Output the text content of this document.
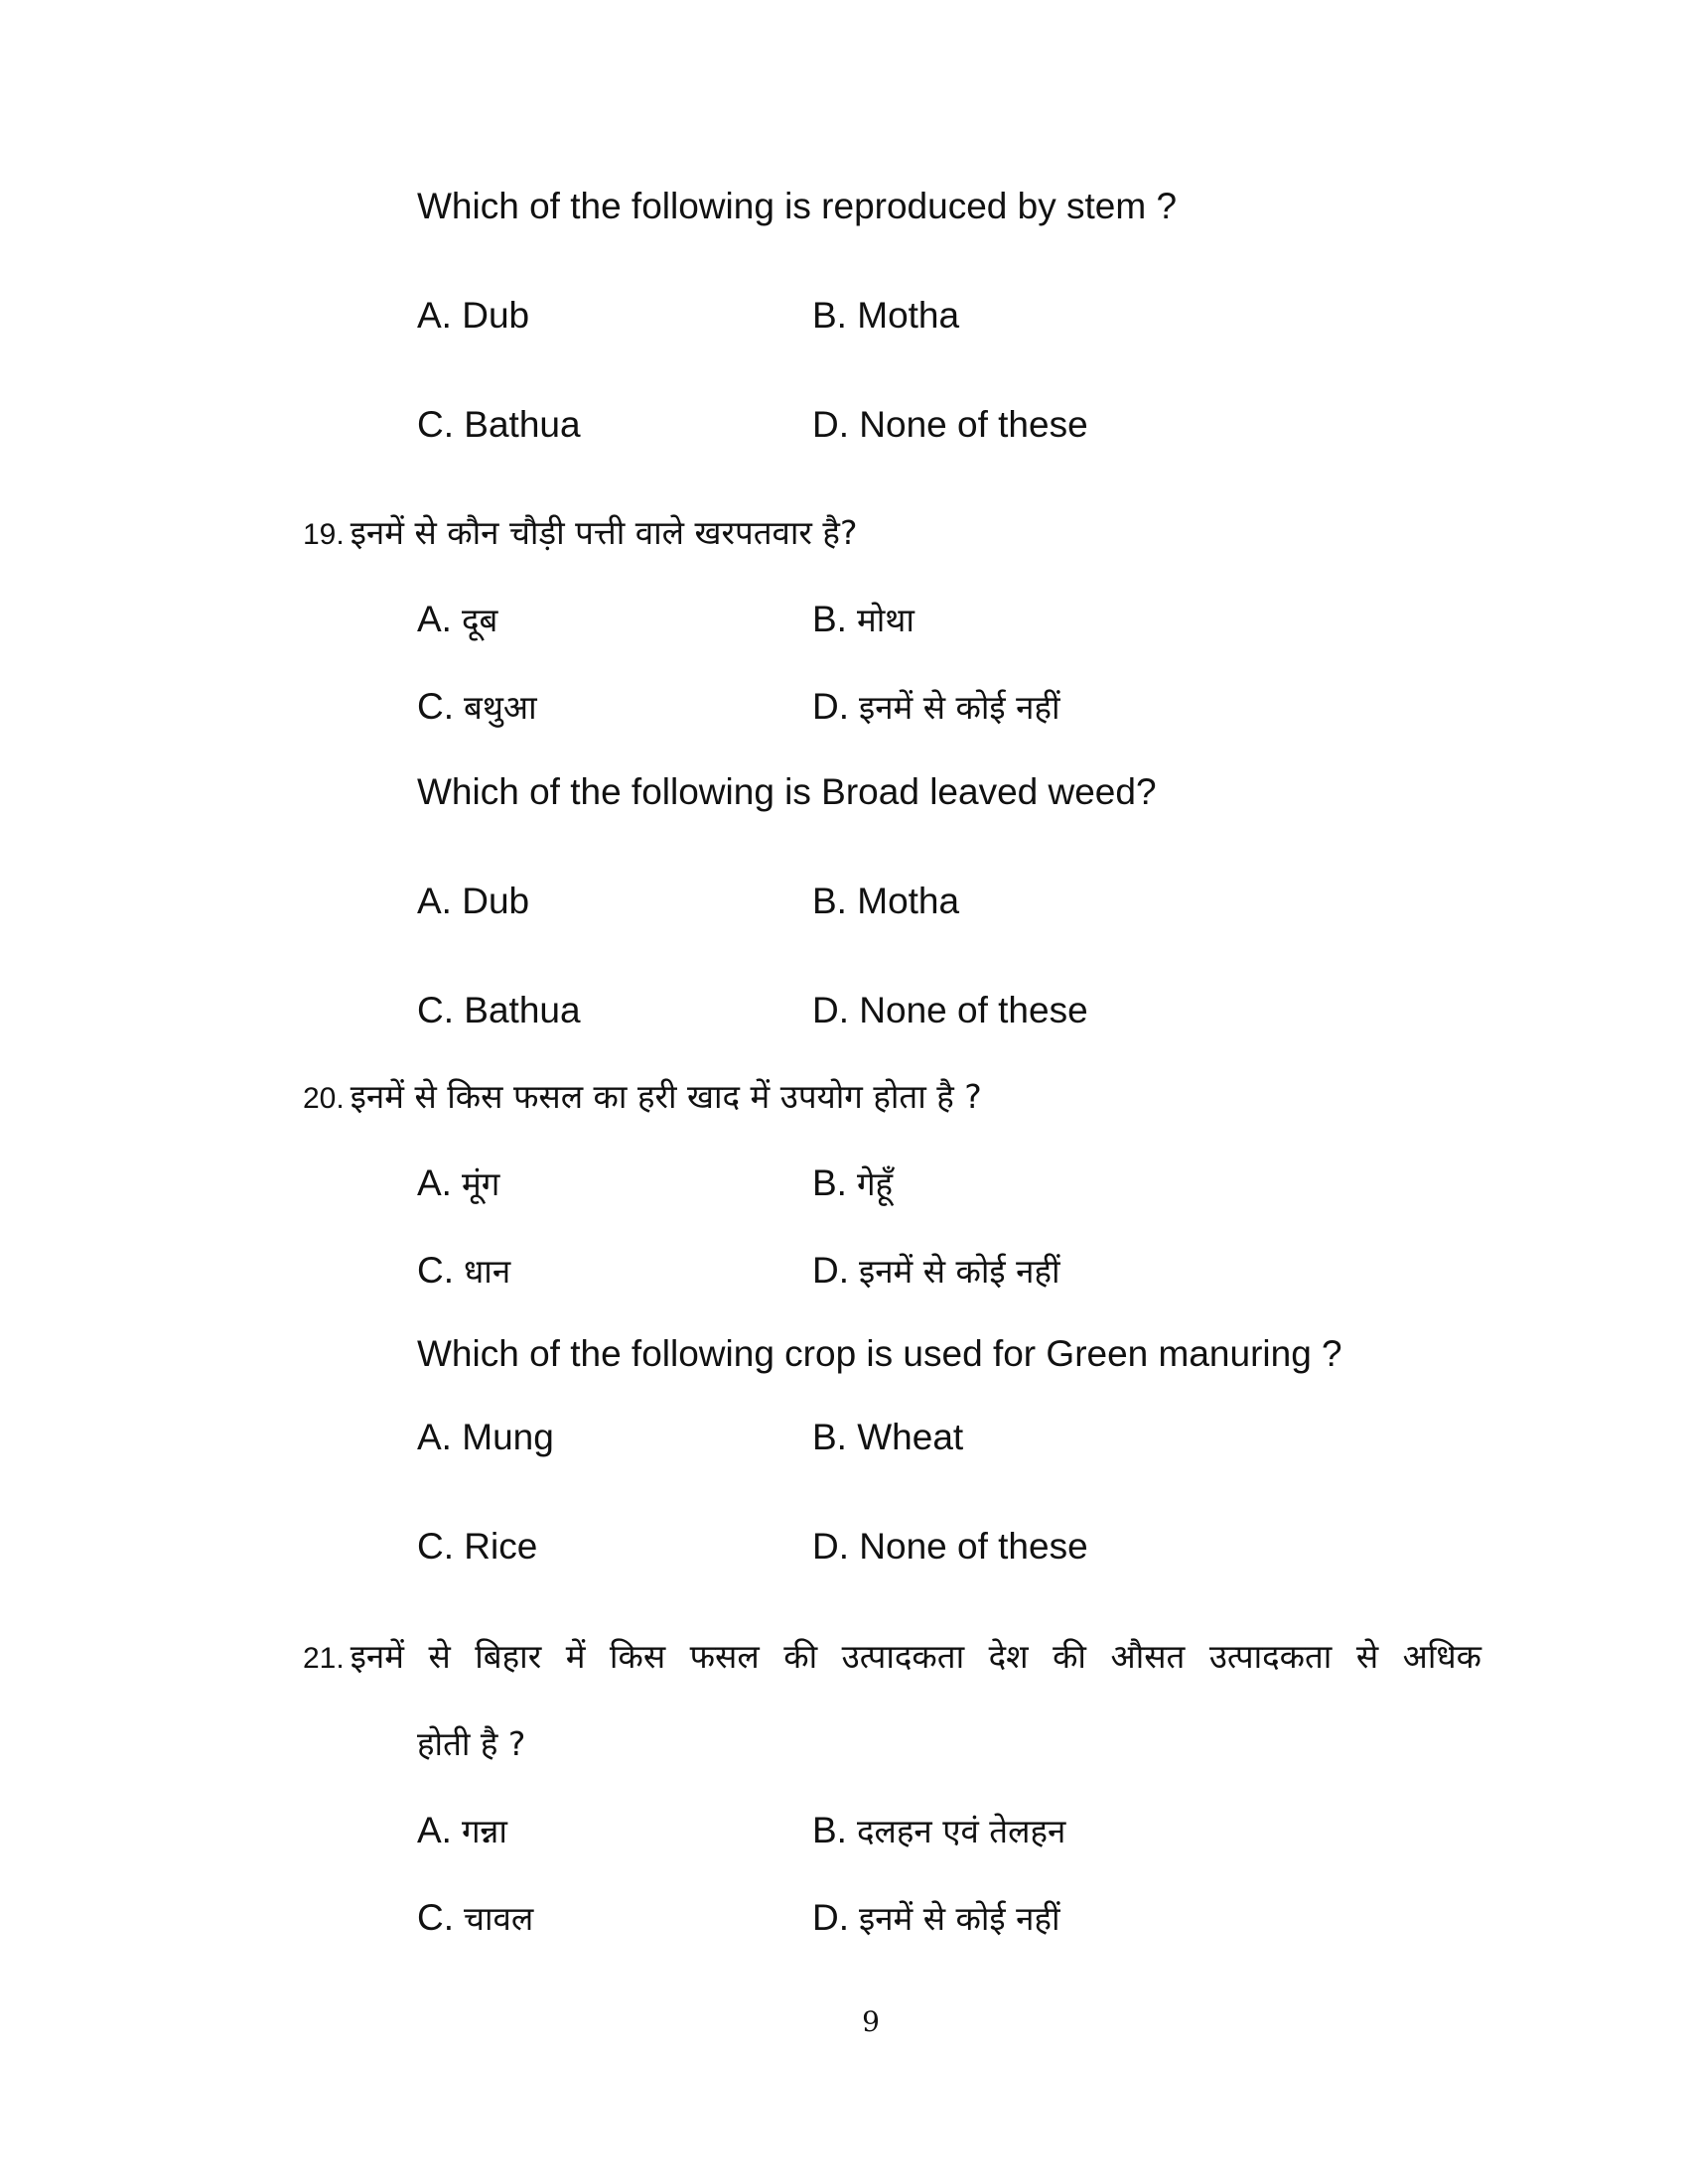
Which of the following is reproduced by stem ?
A. Dub	B. Motha
C. Bathua	D. None of these
19. इनमें से कौन चौड़ी पत्ती वाले खरपतवार है?
A. दूब	B. मोथा
C. बथुआ	D. इनमें से कोई नहीं
Which of the following is Broad leaved weed?
A. Dub	B. Motha
C. Bathua	D. None of these
20. इनमें से किस फसल का हरी खाद में उपयोग होता है ?
A. मूंग	B. गेहूँ
C. धान	D. इनमें से कोई नहीं
Which of the following crop is used for Green manuring ?
A. Mung	B. Wheat
C. Rice	D. None of these
21. इनमें से बिहार में किस फसल की उत्पादकता देश की औसत उत्पादकता से अधिक
होती है ?
A. गन्ना	B. दलहन एवं तेलहन
C. चावल	D. इनमें से कोई नहीं
9
